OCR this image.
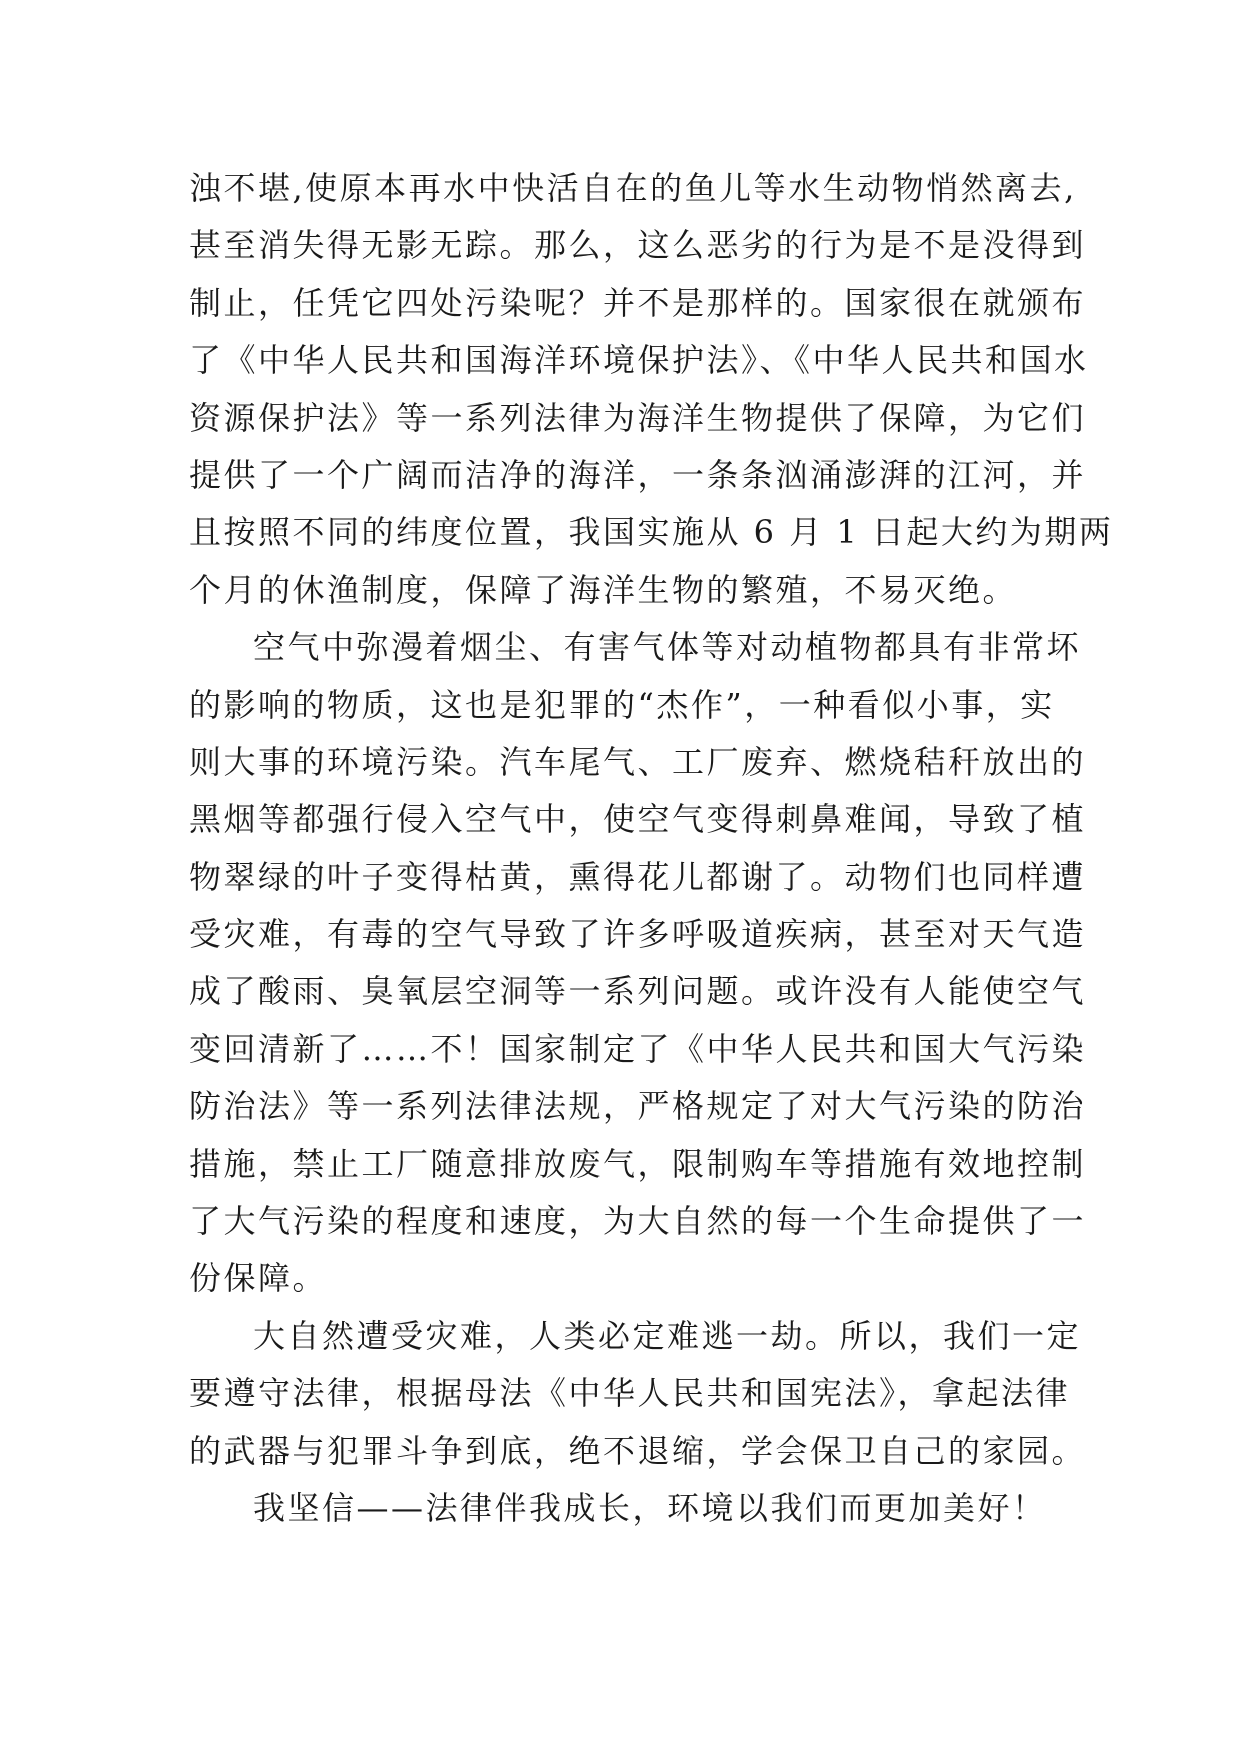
浊不堪,使原本再水中快活自在的鱼儿等水生动物悄然离去,
甚至消失得无影无踪。那么，这么恶劣的行为是不是没得到
制止，任凭它四处污染呢？并不是那样的。国家很在就颁布
了《中华人民共和国海洋环境保护法》、《中华人民共和国水
资源保护法》等一系列法律为海洋生物提供了保障，为它们
提供了一个广阔而洁净的海洋，一条条汹涌澎湃的江河，并
且按照不同的纬度位置，我国实施从 6 月 1 日起大约为期两
个月的休渔制度，保障了海洋生物的繁殖，不易灭绝。
空气中弥漫着烟尘、有害气体等对动植物都具有非常坏
的影响的物质，这也是犯罪的“杰作”，一种看似小事，实
则大事的环境污染。汽车尾气、工厂废弃、燃烧秸秆放出的
黑烟等都强行侵入空气中，使空气变得刺鼻难闻，导致了植
物翠绿的叶子变得枯黄，熏得花儿都谢了。动物们也同样遭
受灾难，有毒的空气导致了许多呼吸道疾病，甚至对天气造
成了酸雨、臭氧层空洞等一系列问题。或许没有人能使空气
变回清新了……不！国家制定了《中华人民共和国大气污染
防治法》等一系列法律法规，严格规定了对大气污染的防治
措施，禁止工厂随意排放废气，限制购车等措施有效地控制
了大气污染的程度和速度，为大自然的每一个生命提供了一
份保障。
大自然遭受灾难，人类必定难逃一劫。所以，我们一定
要遵守法律，根据母法《中华人民共和国宪法》，拿起法律
的武器与犯罪斗争到底，绝不退缩，学会保卫自己的家园。
我坚信——法律伴我成长，环境以我们而更加美好！
